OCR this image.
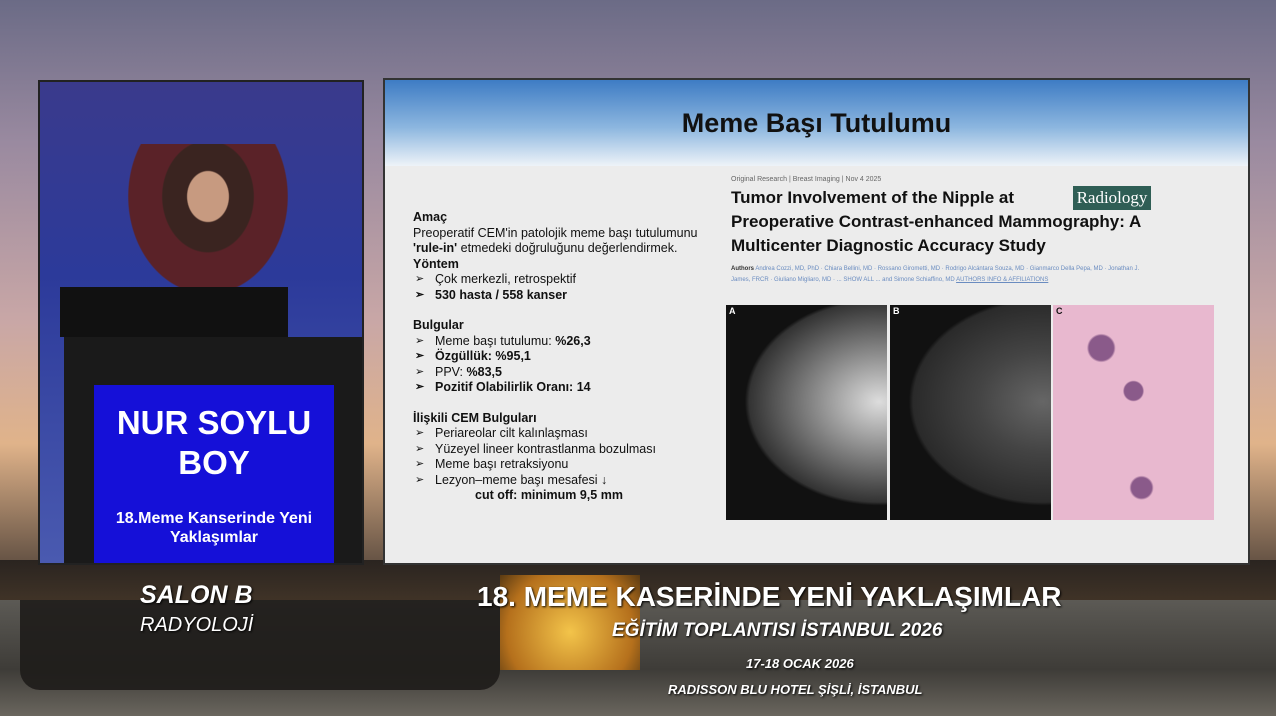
NUR SOYLU BOY
18.Meme Kanserinde Yeni Yaklaşımlar
Meme Başı Tutulumu
Amaç
Preoperatif CEM'in patolojik meme başı tutulumunu
'rule-in' etmedeki doğruluğunu değerlendirmek.
Yöntem
➢ Çok merkezli, retrospektif
➢ 530 hasta / 558 kanser
Bulgular
➢ Meme başı tutulumu: %26,3
➢ Özgüllük: %95,1
➢ PPV: %83,5
➢ Pozitif Olabilirlik Oranı: 14
İlişkili CEM Bulguları
➢ Periareolar cilt kalınlaşması
➢ Yüzeyel lineer kontrastlanma bozulması
➢ Meme başı retraksiyonu
➢ Lezyon–meme başı mesafesi ↓
cut off: minimum 9,5 mm
Original Research | Breast Imaging | Nov 4 2025
Radiology
Tumor Involvement of the Nipple at Preoperative Contrast-enhanced Mammography: A Multicenter Diagnostic Accuracy Study
Authors Andrea Cozzi, MD, PhD · Chiara Bellini, MD · Rossano Girometti, MD · Rodrigo Alcántara Souza, MD · Gianmarco Della Pepa, MD · Jonathan J. James, FRCR · Giuliano Migliaro, MD · ... SHOW ALL ... and Simone Schiaffino, MD AUTHORS INFO & AFFILIATIONS
A	B	C
SALON B
RADYOLOJİ
18. MEME KASERİNDE YENİ YAKLAŞIMLAR
EĞİTİM TOPLANTISI İSTANBUL 2026
17-18 OCAK 2026
RADISSON BLU HOTEL ŞİŞLİ, İSTANBUL
